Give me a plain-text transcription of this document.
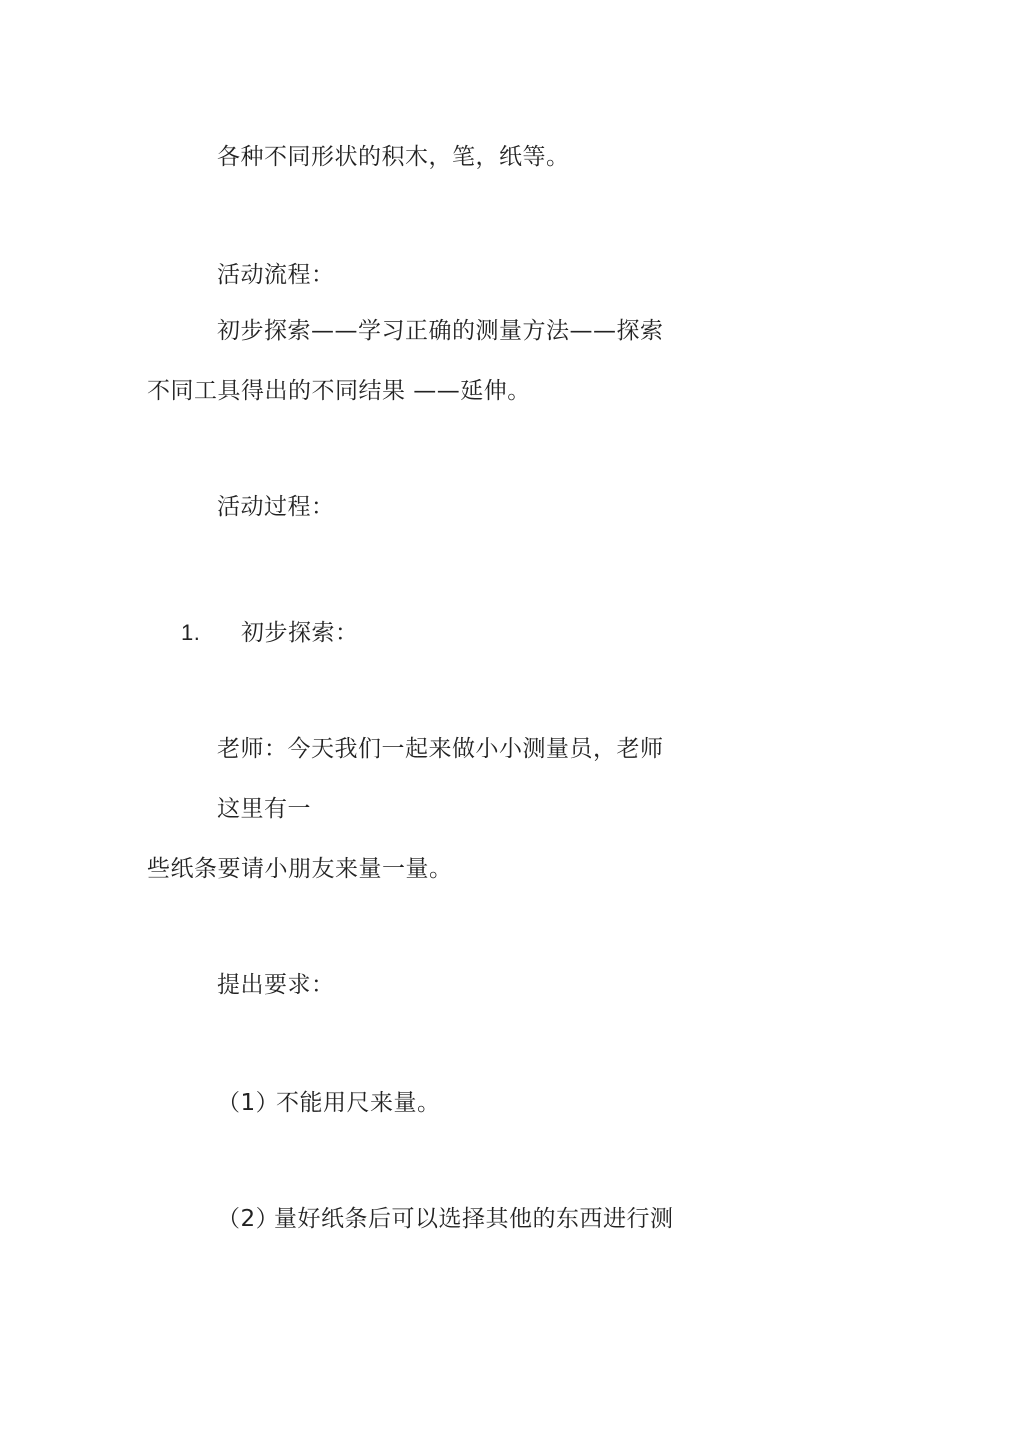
各种不同形状的积木，笔，纸等。
活动流程：
初步探索——学习正确的测量方法——探索
不同工具得出的不同结果 ——延伸。
活动过程：
1. 初步探索：
老师：今天我们一起来做小小测量员，老师
这里有一
些纸条要请小朋友来量一量。
提出要求：
（1）
不能用尺来量。
（2）
量好纸条后可以选择其他的东西进行测
